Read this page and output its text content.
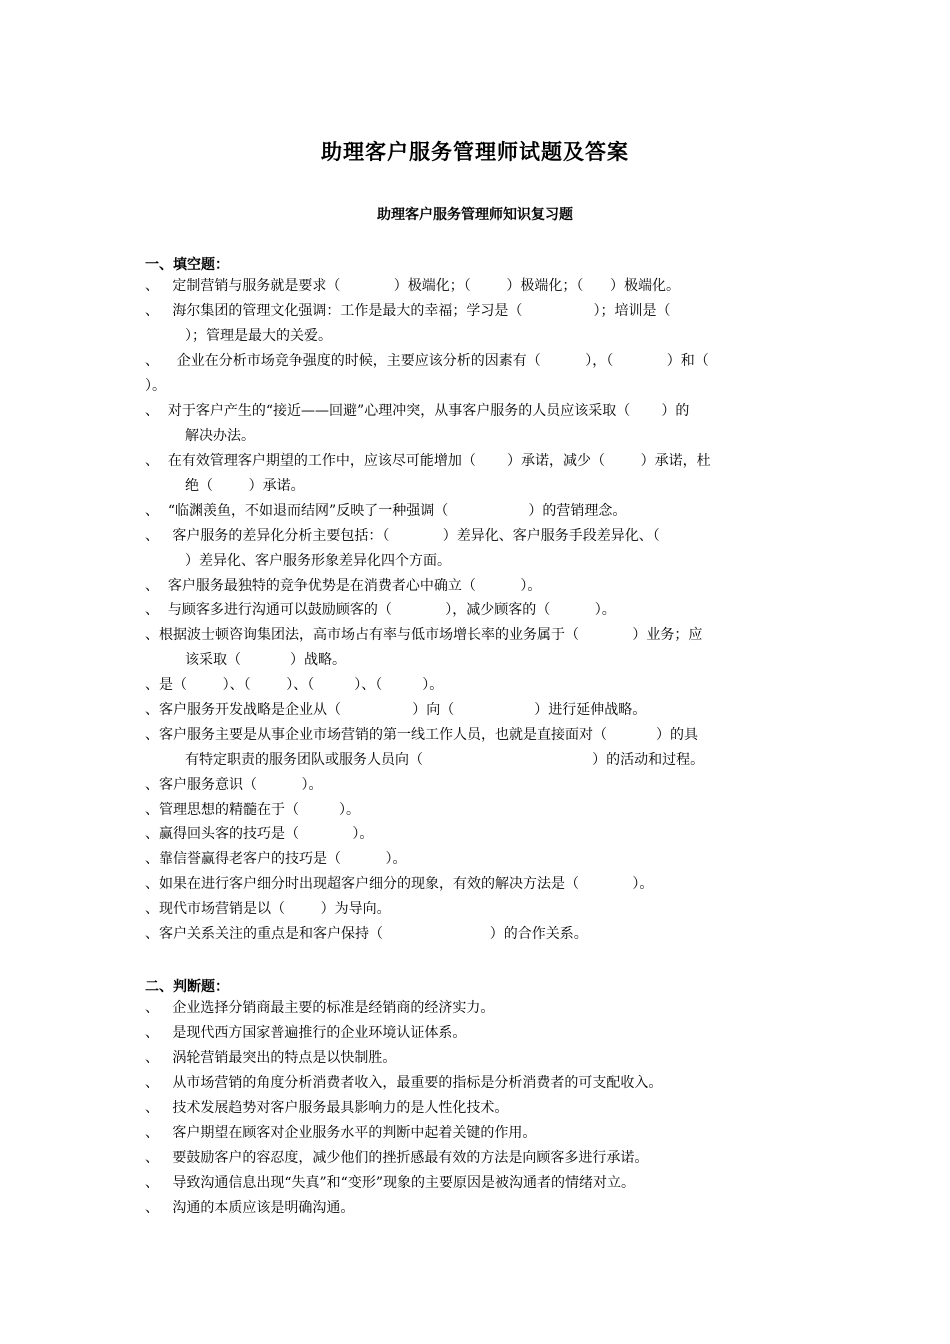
助理客户服务管理师试题及答案
助理客户服务管理师知识复习题
一、填空题：

、   定制营销与服务就是要求（            ）极端化；（        ）极端化；（      ）极端化。

、   海尔集团的管理文化强调：工作是最大的幸福；学习是（                ）；培训是（

）；管理是最大的关爱。

、    企业在分析市场竞争强度的时候，主要应该分析的因素有（          ），（            ）和（

）。

、  对于客户产生的“接近——回避”心理冲突，从事客户服务的人员应该采取（       ）的

解决办法。

、  在有效管理客户期望的工作中，应该尽可能增加（       ）承诺，减少（        ）承诺，杜

绝（        ）承诺。

、  “临渊羡鱼，不如退而结网”反映了一种强调（                  ）的营销理念。

、   客户服务的差异化分析主要包括：（            ）差异化、客户服务手段差异化、（

）差异化、客户服务形象差异化四个方面。

、  客户服务最独特的竞争优势是在消费者心中确立（          ）。

、  与顾客多进行沟通可以鼓励顾客的（            ），减少顾客的（          ）。

、根据波士顿咨询集团法，高市场占有率与低市场增长率的业务属于（            ）业务；应

该采取（           ）战略。

、是（        ）、（        ）、（         ）、（         ）。

、客户服务开发战略是企业从（                ）向（                  ）进行延伸战略。

、客户服务主要是从事企业市场营销的第一线工作人员，也就是直接面对（           ）的具

有特定职责的服务团队或服务人员向（                                      ）的活动和过程。

、客户服务意识（          ）。

、管理思想的精髓在于（         ）。

、赢得回头客的技巧是（            ）。

、靠信誉赢得老客户的技巧是（          ）。

、如果在进行客户细分时出现超客户细分的现象，有效的解决方法是（            ）。

、现代市场营销是以（        ）为导向。

、客户关系关注的重点是和客户保持（                        ）的合作关系。

二、判断题：

、   企业选择分销商最主要的标准是经销商的经济实力。

、   是现代西方国家普遍推行的企业环境认证体系。

、   涡轮营销最突出的特点是以快制胜。

、   从市场营销的角度分析消费者收入，最重要的指标是分析消费者的可支配收入。

、   技术发展趋势对客户服务最具影响力的是人性化技术。

、   客户期望在顾客对企业服务水平的判断中起着关键的作用。

、   要鼓励客户的容忍度，减少他们的挫折感最有效的方法是向顾客多进行承诺。

、   导致沟通信息出现“失真”和“变形”现象的主要原因是被沟通者的情绪对立。

、   沟通的本质应该是明确沟通。
